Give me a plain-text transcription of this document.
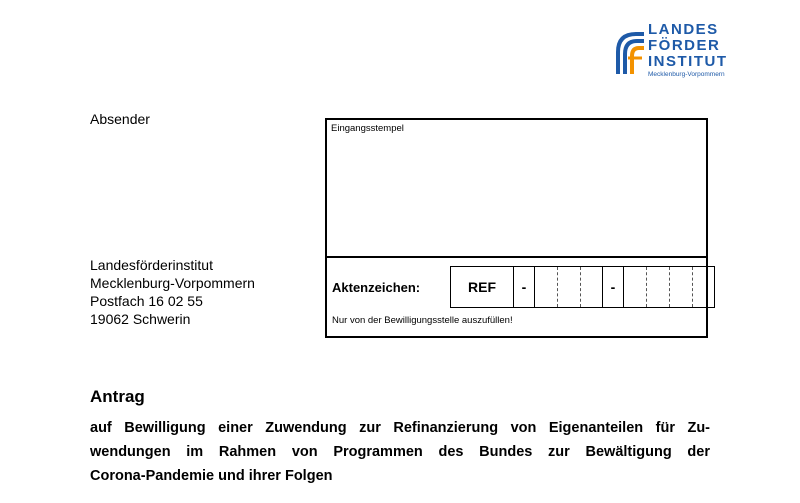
LANDES
FÖRDER
INSTITUT
Mecklenburg-Vorpommern
Absender
Landesförderinstitut
Mecklenburg-Vorpommern
Postfach 16 02 55
19062 Schwerin
Eingangsstempel
Aktenzeichen:	REF	-	-
Nur von der Bewilligungsstelle auszufüllen!
Antrag
auf Bewilligung einer Zuwendung zur Refinanzierung von Eigenanteilen für Zu-
wendungen im Rahmen von Programmen des Bundes zur Bewältigung der
Corona-Pandemie und ihrer Folgen
